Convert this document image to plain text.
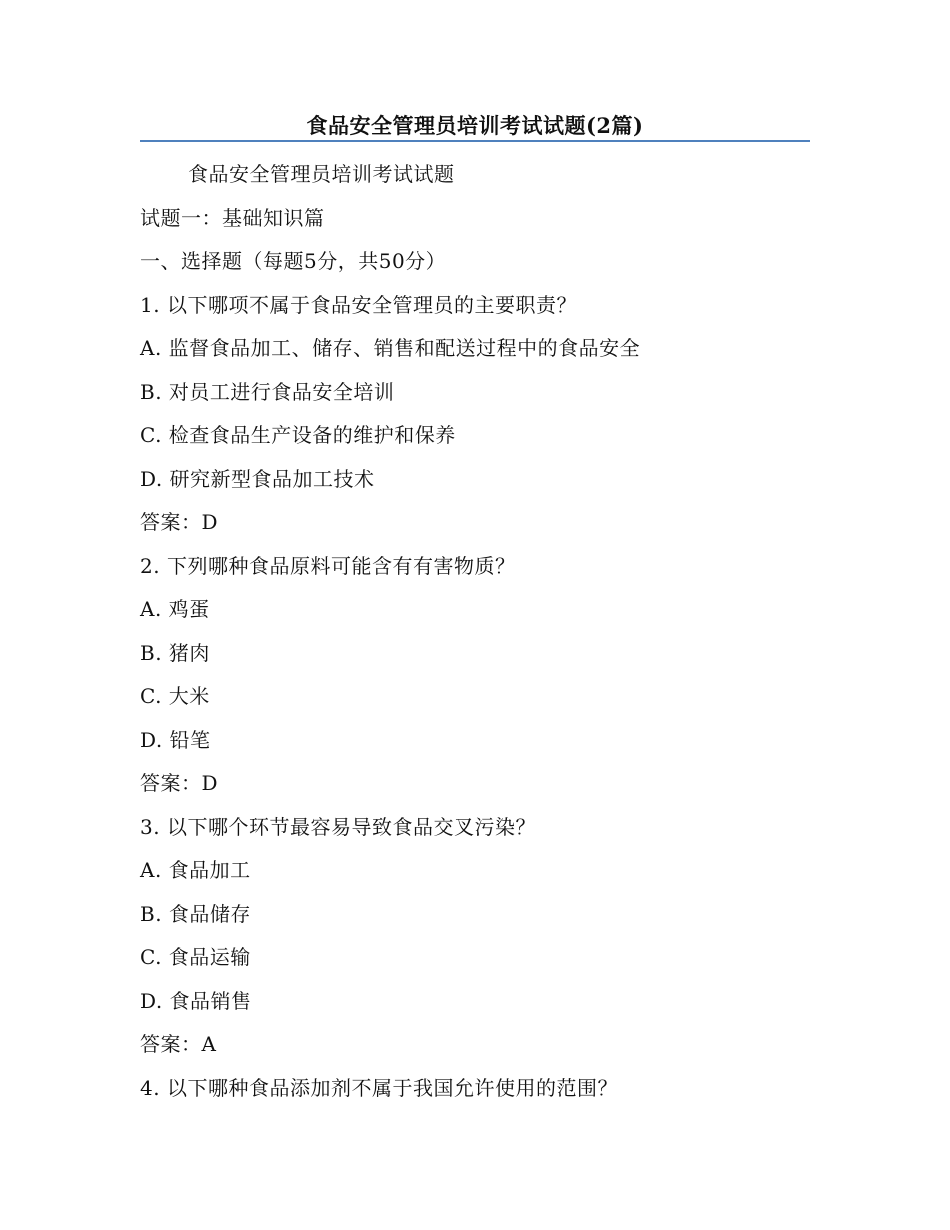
食品安全管理员培训考试试题(2篇)
食品安全管理员培训考试试题
试题一：基础知识篇
一、选择题（每题5分，共50分）
1. 以下哪项不属于食品安全管理员的主要职责？
A. 监督食品加工、储存、销售和配送过程中的食品安全
B. 对员工进行食品安全培训
C. 检查食品生产设备的维护和保养
D. 研究新型食品加工技术
答案：D
2. 下列哪种食品原料可能含有有害物质？
A. 鸡蛋
B. 猪肉
C. 大米
D. 铅笔
答案：D
3. 以下哪个环节最容易导致食品交叉污染？
A. 食品加工
B. 食品储存
C. 食品运输
D. 食品销售
答案：A
4. 以下哪种食品添加剂不属于我国允许使用的范围？
